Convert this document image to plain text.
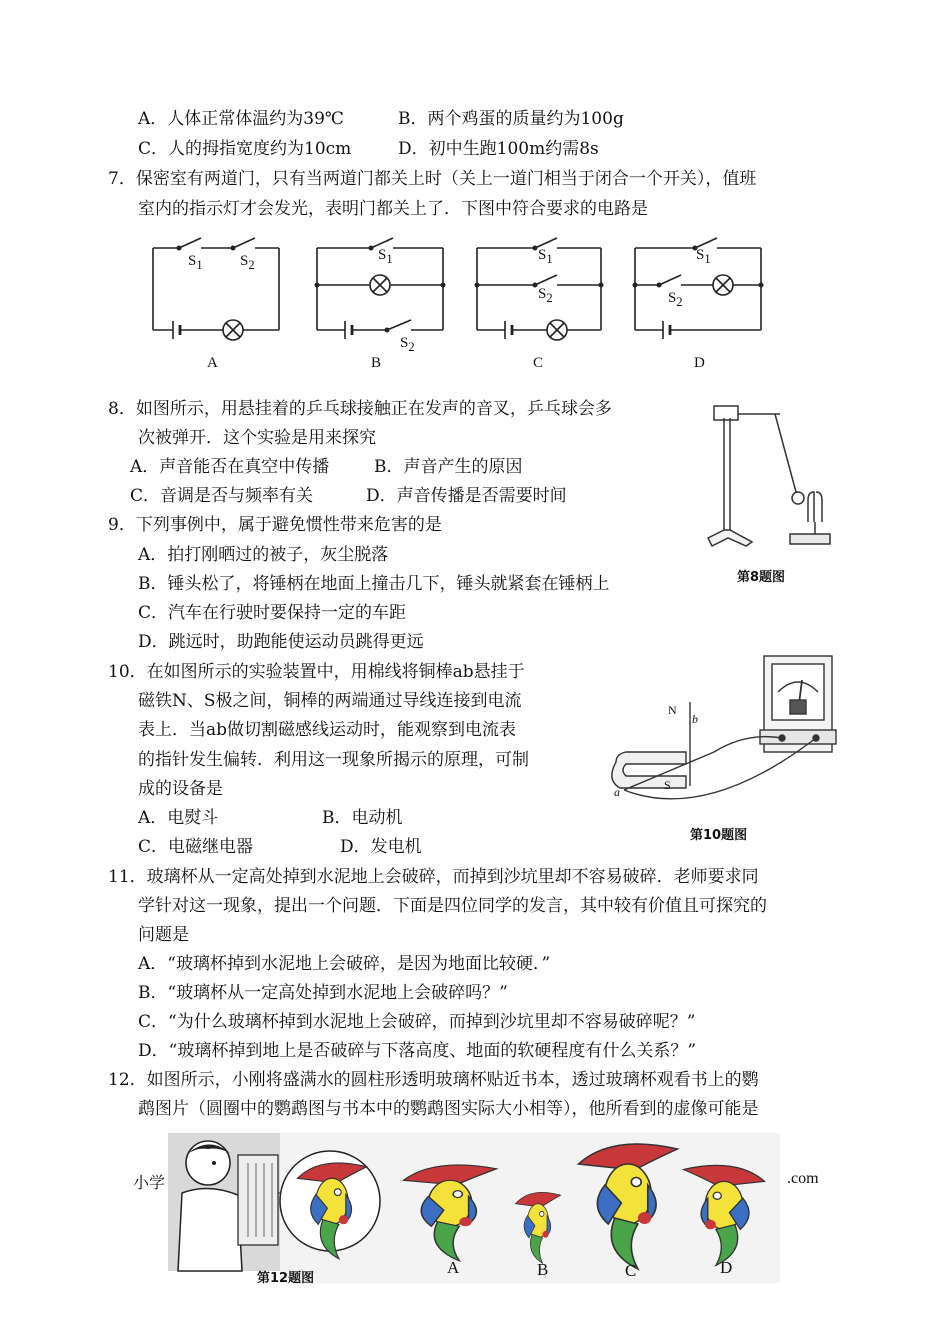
A．人体正常体温约为39℃	B．两个鸡蛋的质量约为100g
C．人的拇指宽度约为10cm	D．初中生跑100m约需8s
7．保密室有两道门，只有当两道门都关上时（关上一道门相当于闭合一个开关），值班
室内的指示灯才会发光，表明门都关上了．下图中符合要求的电路是
$S_1$ $S_2$
$S_1$
$S_2$
$S_1$
$S_2$
$S_1$
$S_2$
A	B	C	D
8．如图所示，用悬挂着的乒乓球接触正在发声的音叉，乒乓球会多
次被弹开．这个实验是用来探究
A．声音能否在真空中传播	B．声音产生的原因
C．音调是否与频率有关	D．声音传播是否需要时间
第8题图
9．下列事例中，属于避免惯性带来危害的是
A．拍打刚晒过的被子，灰尘脱落
B．锤头松了，将锤柄在地面上撞击几下，锤头就紧套在锤柄上
C．汽车在行驶时要保持一定的车距
D．跳远时，助跑能使运动员跳得更远
10．在如图所示的实验装置中，用棉线将铜棒ab悬挂于
磁铁N、S极之间，铜棒的两端通过导线连接到电流
表上．当ab做切割磁感线运动时，能观察到电流表
的指针发生偏转．利用这一现象所揭示的原理，可制
成的设备是
A．电熨斗	B．电动机
C．电磁继电器	D．发电机
N
b
S
a
第10题图
11．玻璃杯从一定高处掉到水泥地上会破碎，而掉到沙坑里却不容易破碎．老师要求同
学针对这一现象，提出一个问题．下面是四位同学的发言，其中较有价值且可探究的
问题是
A．“玻璃杯掉到水泥地上会破碎，是因为地面比较硬．”
B．“玻璃杯从一定高处掉到水泥地上会破碎吗？”
C．“为什么玻璃杯掉到水泥地上会破碎，而掉到沙坑里却不容易破碎呢？”
D．“玻璃杯掉到地上是否破碎与下落高度、地面的软硬程度有什么关系？”
12．如图所示，小刚将盛满水的圆柱形透明玻璃杯贴近书本，透过玻璃杯观看书上的鹦
鹉图片（圆圈中的鹦鹉图与书本中的鹦鹉图实际大小相等），他所看到的虚像可能是
小学	.com
第12题图
A	B	C	D
